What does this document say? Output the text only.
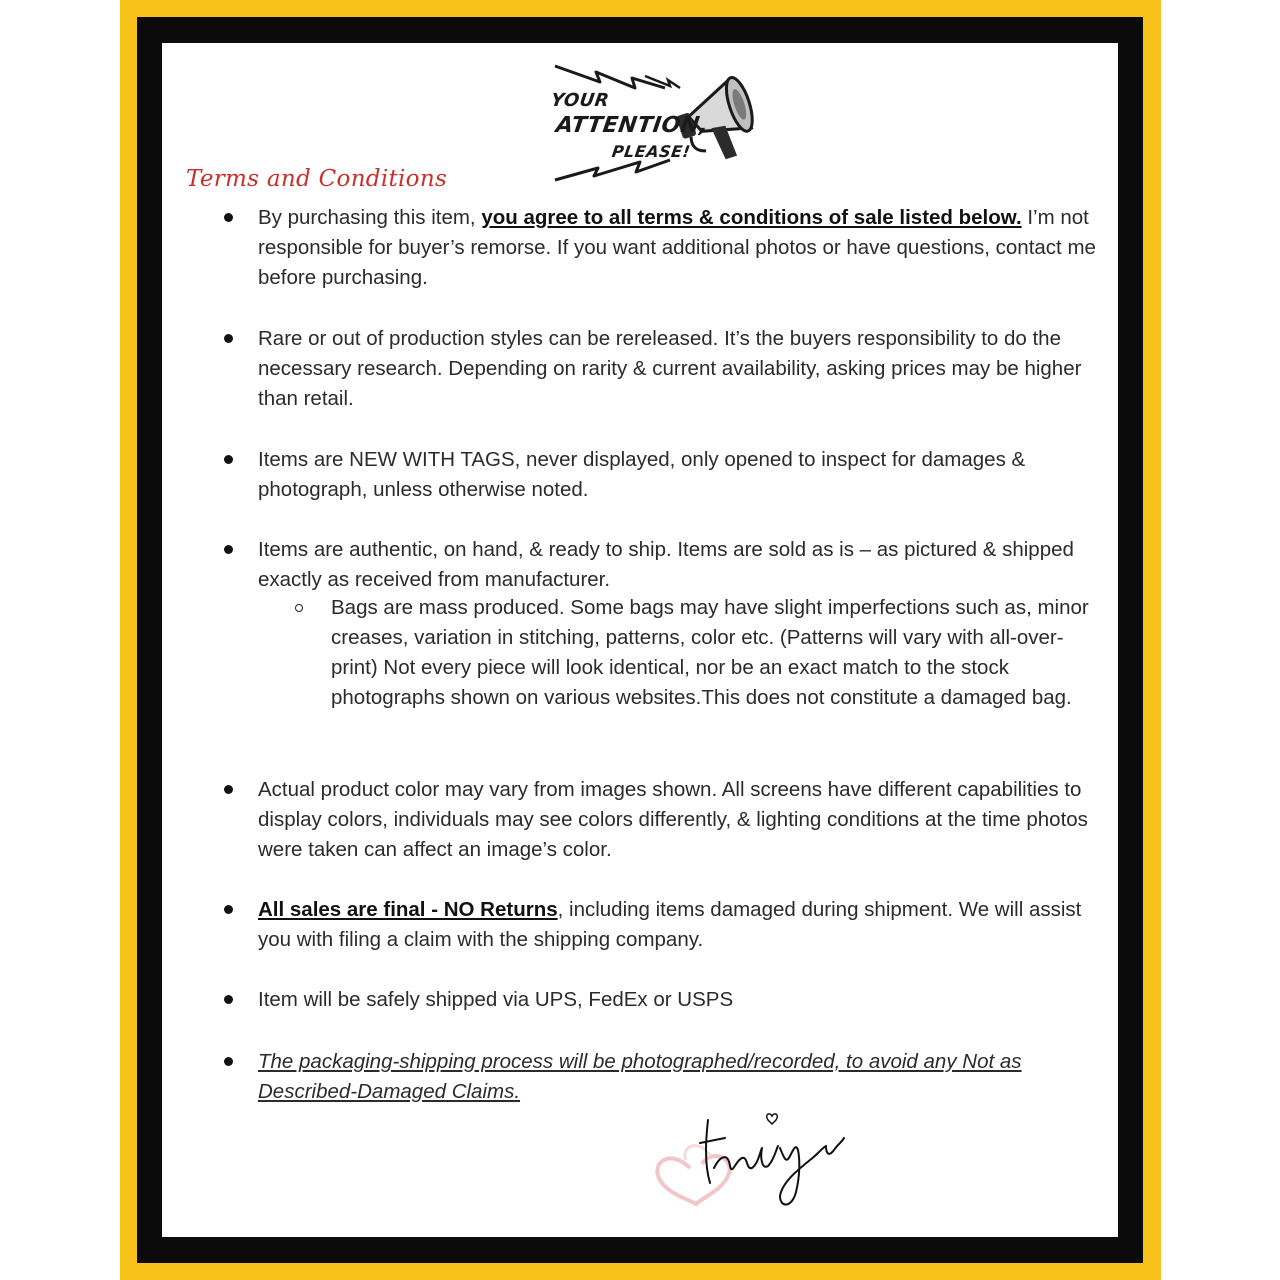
YOUR
ATTENTION,
PLEASE!
Terms and Conditions
By purchasing this item, you agree to all terms & conditions of sale listed below. I’m not responsible for buyer’s remorse. If you want additional photos or have questions, contact me before purchasing.
Rare or out of production styles can be rereleased. It’s the buyers responsibility to do the necessary research. Depending on rarity & current availability, asking prices may be higher than retail.
Items are NEW WITH TAGS, never displayed, only opened to inspect for damages & photograph, unless otherwise noted.
Items are authentic, on hand, & ready to ship. Items are sold as is – as pictured & shipped exactly as received from manufacturer.
Bags are mass produced. Some bags may have slight imperfections such as, minor creases, variation in stitching, patterns, color etc. (Patterns will vary with all-over-print) Not every piece will look identical, nor be an exact match to the stock photographs shown on various websites.This does not constitute a damaged bag.
Actual product color may vary from images shown. All screens have different capabilities to display colors, individuals may see colors differently, & lighting conditions at the time photos were taken can affect an image’s color.
All sales are final - NO Returns, including items damaged during shipment. We will assist you with filing a claim with the shipping company.
Item will be safely shipped via UPS, FedEx or USPS
The packaging-shipping process will be photographed/recorded, to avoid any Not as Described-Damaged Claims.
